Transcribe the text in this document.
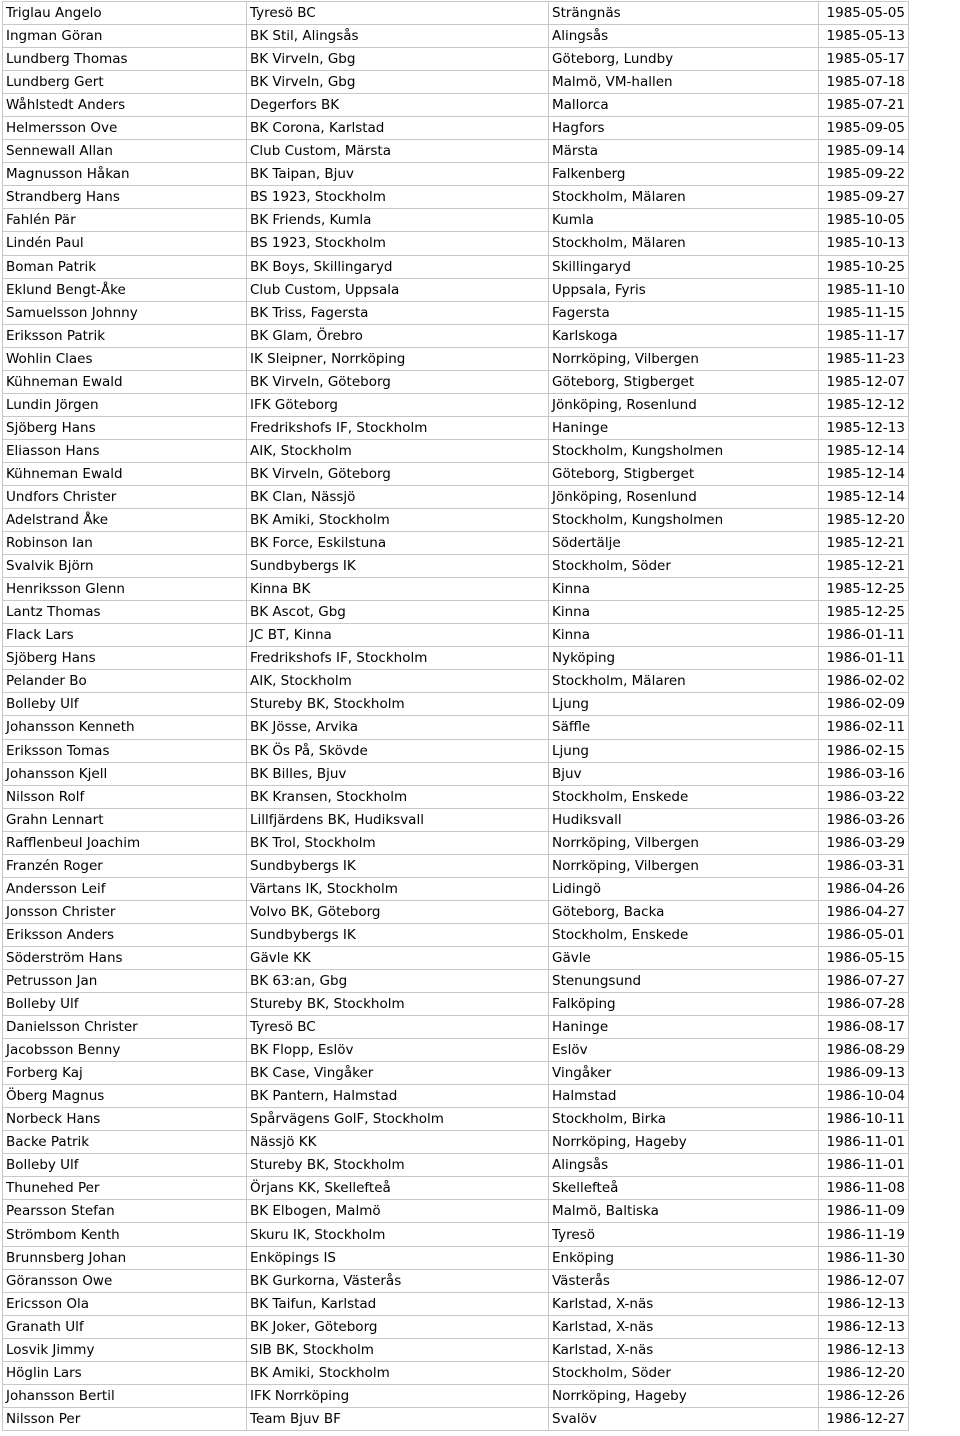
Triglau Angelo	Tyresö BC	Strängnäs	1985-05-05
Ingman Göran	BK Stil, Alingsås	Alingsås	1985-05-13
Lundberg Thomas	BK Virveln, Gbg	Göteborg, Lundby	1985-05-17
Lundberg Gert	BK Virveln, Gbg	Malmö, VM-hallen	1985-07-18
Wåhlstedt Anders	Degerfors BK	Mallorca	1985-07-21
Helmersson Ove	BK Corona, Karlstad	Hagfors	1985-09-05
Sennewall Allan	Club Custom, Märsta	Märsta	1985-09-14
Magnusson Håkan	BK Taipan, Bjuv	Falkenberg	1985-09-22
Strandberg Hans	BS 1923, Stockholm	Stockholm, Mälaren	1985-09-27
Fahlén Pär	BK Friends, Kumla	Kumla	1985-10-05
Lindén Paul	BS 1923, Stockholm	Stockholm, Mälaren	1985-10-13
Boman Patrik	BK Boys, Skillingaryd	Skillingaryd	1985-10-25
Eklund Bengt-Åke	Club Custom, Uppsala	Uppsala, Fyris	1985-11-10
Samuelsson Johnny	BK Triss, Fagersta	Fagersta	1985-11-15
Eriksson Patrik	BK Glam, Örebro	Karlskoga	1985-11-17
Wohlin Claes	IK Sleipner, Norrköping	Norrköping, Vilbergen	1985-11-23
Kühneman Ewald	BK Virveln, Göteborg	Göteborg, Stigberget	1985-12-07
Lundin Jörgen	IFK Göteborg	Jönköping, Rosenlund	1985-12-12
Sjöberg Hans	Fredrikshofs IF, Stockholm	Haninge	1985-12-13
Eliasson Hans	AIK, Stockholm	Stockholm, Kungsholmen	1985-12-14
Kühneman Ewald	BK Virveln, Göteborg	Göteborg, Stigberget	1985-12-14
Undfors Christer	BK Clan, Nässjö	Jönköping, Rosenlund	1985-12-14
Adelstrand Åke	BK Amiki, Stockholm	Stockholm, Kungsholmen	1985-12-20
Robinson Ian	BK Force, Eskilstuna	Södertälje	1985-12-21
Svalvik Björn	Sundbybergs IK	Stockholm, Söder	1985-12-21
Henriksson Glenn	Kinna BK	Kinna	1985-12-25
Lantz Thomas	BK Ascot, Gbg	Kinna	1985-12-25
Flack Lars	JC BT, Kinna	Kinna	1986-01-11
Sjöberg Hans	Fredrikshofs IF, Stockholm	Nyköping	1986-01-11
Pelander Bo	AIK, Stockholm	Stockholm, Mälaren	1986-02-02
Bolleby Ulf	Stureby BK, Stockholm	Ljung	1986-02-09
Johansson Kenneth	BK Jösse, Arvika	Säffle	1986-02-11
Eriksson Tomas	BK Ös På, Skövde	Ljung	1986-02-15
Johansson Kjell	BK Billes, Bjuv	Bjuv	1986-03-16
Nilsson Rolf	BK Kransen, Stockholm	Stockholm, Enskede	1986-03-22
Grahn Lennart	Lillfjärdens BK, Hudiksvall	Hudiksvall	1986-03-26
Rafflenbeul Joachim	BK Trol, Stockholm	Norrköping, Vilbergen	1986-03-29
Franzén Roger	Sundbybergs IK	Norrköping, Vilbergen	1986-03-31
Andersson Leif	Värtans IK, Stockholm	Lidingö	1986-04-26
Jonsson Christer	Volvo BK, Göteborg	Göteborg, Backa	1986-04-27
Eriksson Anders	Sundbybergs IK	Stockholm, Enskede	1986-05-01
Söderström Hans	Gävle KK	Gävle	1986-05-15
Petrusson Jan	BK 63:an, Gbg	Stenungsund	1986-07-27
Bolleby Ulf	Stureby BK, Stockholm	Falköping	1986-07-28
Danielsson Christer	Tyresö BC	Haninge	1986-08-17
Jacobsson Benny	BK Flopp, Eslöv	Eslöv	1986-08-29
Forberg Kaj	BK Case, Vingåker	Vingåker	1986-09-13
Öberg Magnus	BK Pantern, Halmstad	Halmstad	1986-10-04
Norbeck Hans	Spårvägens GolF, Stockholm	Stockholm, Birka	1986-10-11
Backe Patrik	Nässjö KK	Norrköping, Hageby	1986-11-01
Bolleby Ulf	Stureby BK, Stockholm	Alingsås	1986-11-01
Thunehed Per	Örjans KK, Skellefteå	Skellefteå	1986-11-08
Pearsson Stefan	BK Elbogen, Malmö	Malmö, Baltiska	1986-11-09
Strömbom Kenth	Skuru IK, Stockholm	Tyresö	1986-11-19
Brunnsberg Johan	Enköpings IS	Enköping	1986-11-30
Göransson Owe	BK Gurkorna, Västerås	Västerås	1986-12-07
Ericsson Ola	BK Taifun, Karlstad	Karlstad, X-näs	1986-12-13
Granath Ulf	BK Joker, Göteborg	Karlstad, X-näs	1986-12-13
Losvik Jimmy	SIB BK, Stockholm	Karlstad, X-näs	1986-12-13
Höglin Lars	BK Amiki, Stockholm	Stockholm, Söder	1986-12-20
Johansson Bertil	IFK Norrköping	Norrköping, Hageby	1986-12-26
Nilsson Per	Team Bjuv BF	Svalöv	1986-12-27
